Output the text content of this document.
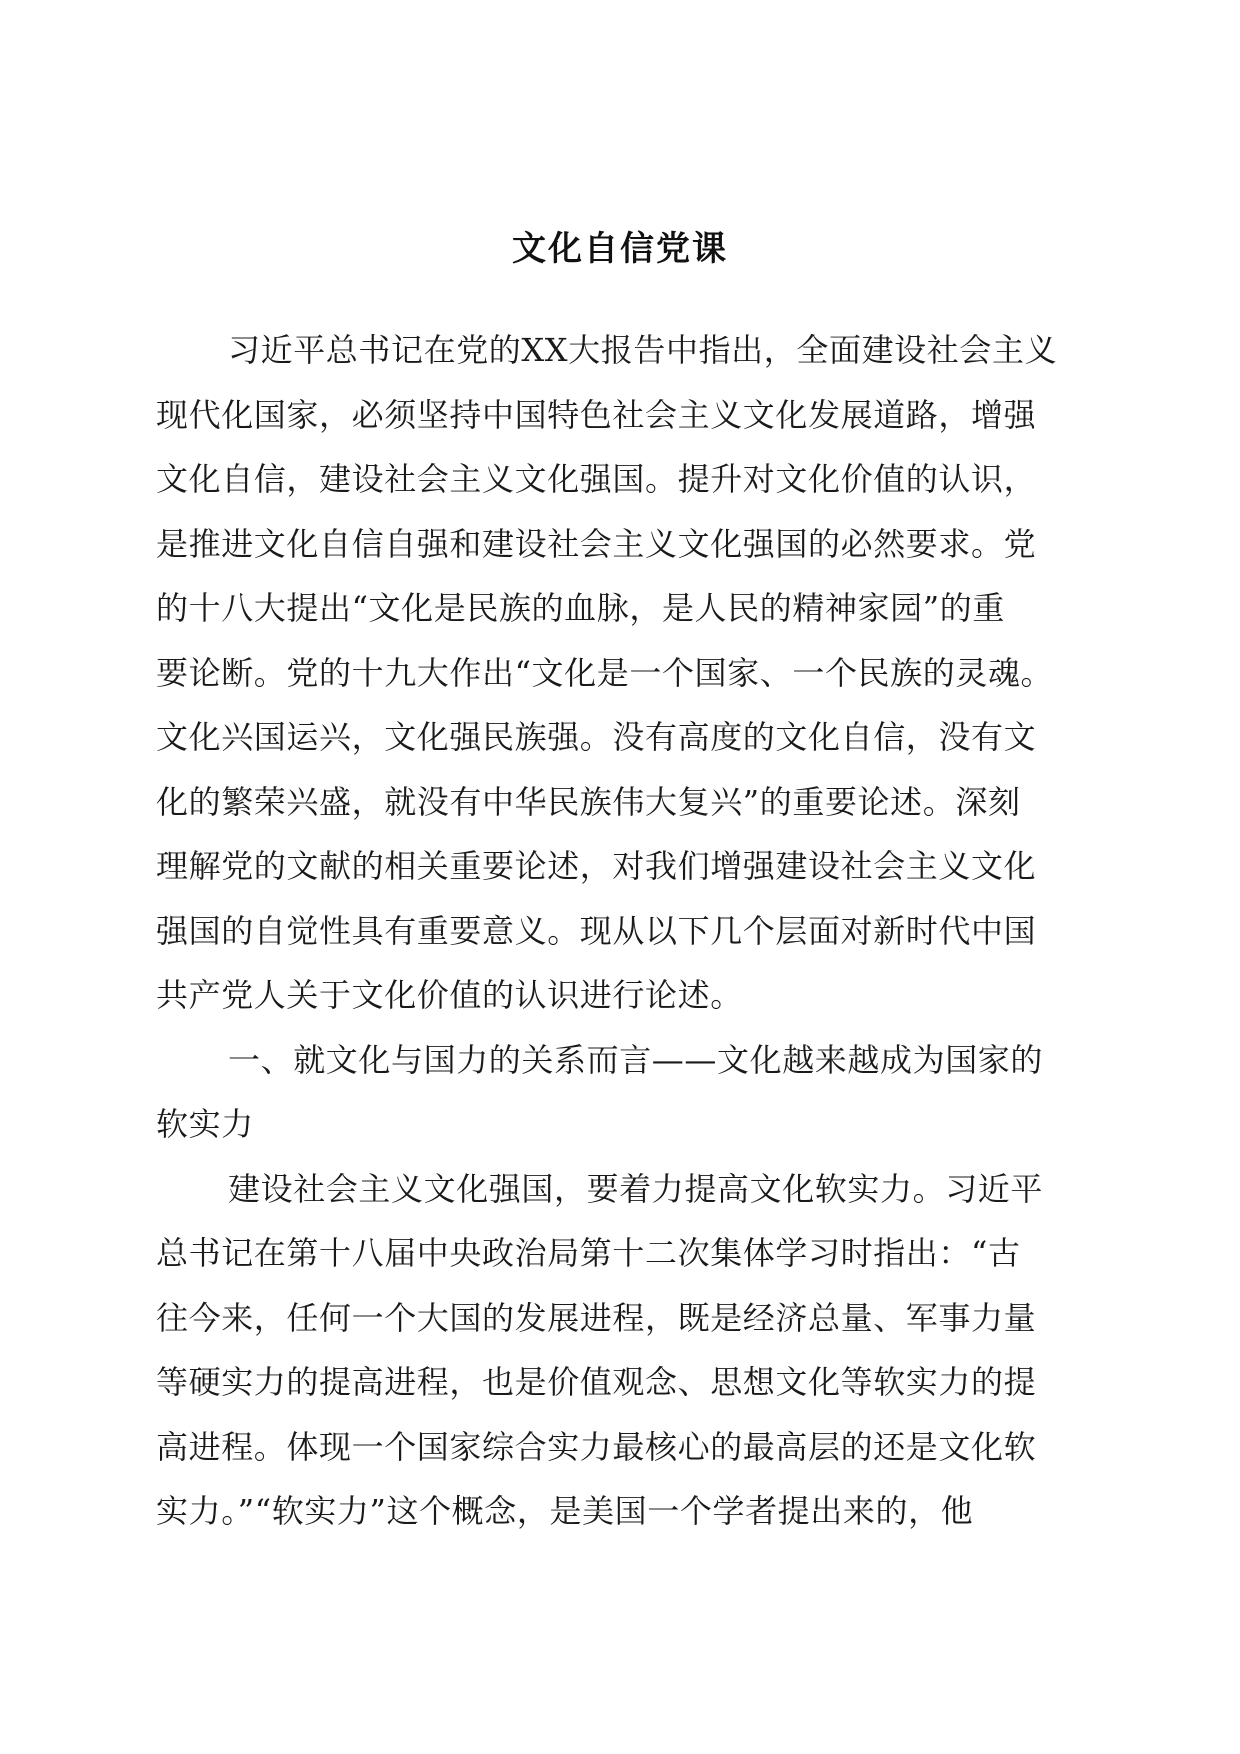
文化自信党课
习近平总书记在党的XX大报告中指出，全面建设社会主义
现代化国家，必须坚持中国特色社会主义文化发展道路，增强
文化自信，建设社会主义文化强国。提升对文化价值的认识，
是推进文化自信自强和建设社会主义文化强国的必然要求。党
的十八大提出“文化是民族的血脉，是人民的精神家园”的重
要论断。党的十九大作出“文化是一个国家、一个民族的灵魂。
文化兴国运兴，文化强民族强。没有高度的文化自信，没有文
化的繁荣兴盛，就没有中华民族伟大复兴”的重要论述。深刻
理解党的文献的相关重要论述，对我们增强建设社会主义文化
强国的自觉性具有重要意义。现从以下几个层面对新时代中国
共产党人关于文化价值的认识进行论述。
一、就文化与国力的关系而言——文化越来越成为国家的
软实力
建设社会主义文化强国，要着力提高文化软实力。习近平
总书记在第十八届中央政治局第十二次集体学习时指出：“古
往今来，任何一个大国的发展进程，既是经济总量、军事力量
等硬实力的提高进程，也是价值观念、思想文化等软实力的提
高进程。体现一个国家综合实力最核心的最高层的还是文化软
实力。”“软实力”这个概念，是美国一个学者提出来的，他
